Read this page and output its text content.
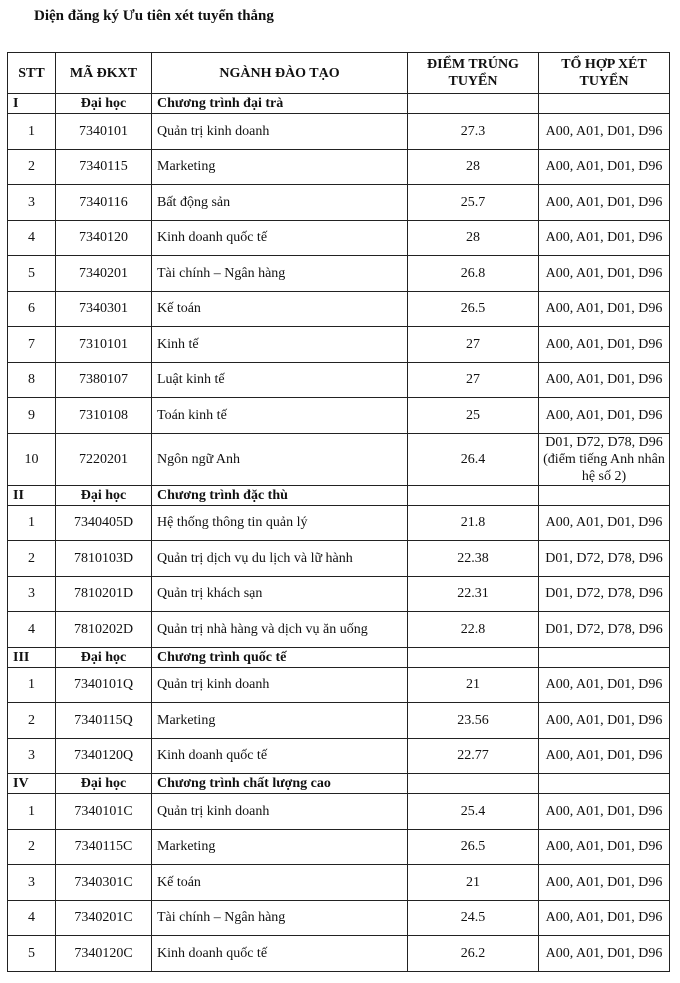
Diện đăng ký Ưu tiên xét tuyển thẳng
STT	MÃ ĐKXT	NGÀNH ĐÀO TẠO	ĐIỂM TRÚNG TUYỂN	TỔ HỢP XÉT TUYỂN
I	Đại học	Chương trình đại trà		
1	7340101	Quản trị kinh doanh	27.3	A00, A01, D01, D96
2	7340115	Marketing	28	A00, A01, D01, D96
3	7340116	Bất động sản	25.7	A00, A01, D01, D96
4	7340120	Kinh doanh quốc tế	28	A00, A01, D01, D96
5	7340201	Tài chính – Ngân hàng	26.8	A00, A01, D01, D96
6	7340301	Kế toán	26.5	A00, A01, D01, D96
7	7310101	Kinh tế	27	A00, A01, D01, D96
8	7380107	Luật kinh tế	27	A00, A01, D01, D96
9	7310108	Toán kinh tế	25	A00, A01, D01, D96
10	7220201	Ngôn ngữ Anh	26.4	D01, D72, D78, D96 (điểm tiếng Anh nhân hệ số 2)
II	Đại học	Chương trình đặc thù		
1	7340405D	Hệ thống thông tin quản lý	21.8	A00, A01, D01, D96
2	7810103D	Quản trị dịch vụ du lịch và lữ hành	22.38	D01, D72, D78, D96
3	7810201D	Quản trị khách sạn	22.31	D01, D72, D78, D96
4	7810202D	Quản trị nhà hàng và dịch vụ ăn uống	22.8	D01, D72, D78, D96
III	Đại học	Chương trình quốc tế		
1	7340101Q	Quản trị kinh doanh	21	A00, A01, D01, D96
2	7340115Q	Marketing	23.56	A00, A01, D01, D96
3	7340120Q	Kinh doanh quốc tế	22.77	A00, A01, D01, D96
IV	Đại học	Chương trình chất lượng cao		
1	7340101C	Quản trị kinh doanh	25.4	A00, A01, D01, D96
2	7340115C	Marketing	26.5	A00, A01, D01, D96
3	7340301C	Kế toán	21	A00, A01, D01, D96
4	7340201C	Tài chính – Ngân hàng	24.5	A00, A01, D01, D96
5	7340120C	Kinh doanh quốc tế	26.2	A00, A01, D01, D96
